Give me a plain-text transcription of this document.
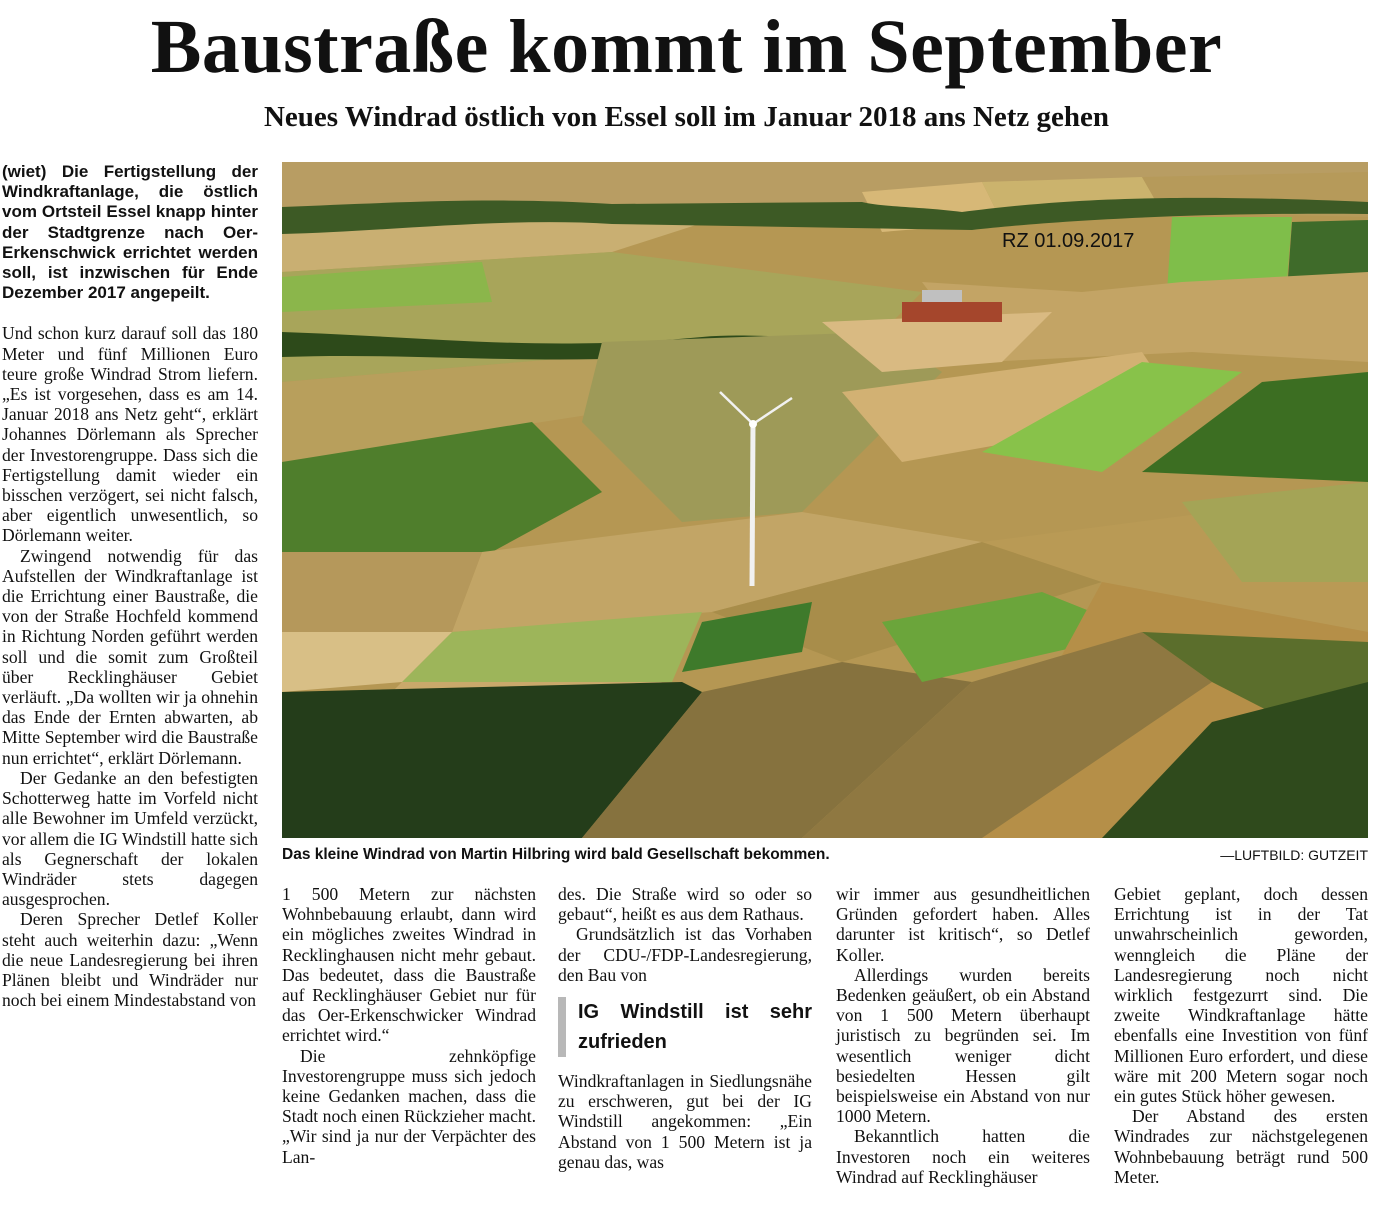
Baustraße kommt im September
Neues Windrad östlich von Essel soll im Januar 2018 ans Netz gehen

(wiet) Die Fertigstellung der Windkraftanlage, die östlich vom Ortsteil Essel knapp hinter der Stadtgrenze nach Oer-Erkenschwick errichtet werden soll, ist inzwischen für Ende Dezember 2017 angepeilt.

Und schon kurz darauf soll das 180 Meter und fünf Millionen Euro teure große Windrad Strom liefern. „Es ist vorgesehen, dass es am 14. Januar 2018 ans Netz geht“, erklärt Johannes Dörlemann als Sprecher der Investorengruppe. Dass sich die Fertigstellung damit wieder ein bisschen verzögert, sei nicht falsch, aber eigentlich unwesentlich, so Dörlemann weiter.

Zwingend notwendig für das Aufstellen der Windkraftanlage ist die Errichtung einer Baustraße, die von der Straße Hochfeld kommend in Richtung Norden geführt werden soll und die somit zum Großteil über Recklinghäuser Gebiet verläuft. „Da wollten wir ja ohnehin das Ende der Ernten abwarten, ab Mitte September wird die Baustraße nun errichtet“, erklärt Dörlemann.

Der Gedanke an den befestigten Schotterweg hatte im Vorfeld nicht alle Bewohner im Umfeld verzückt, vor allem die IG Windstill hatte sich als Gegnerschaft der lokalen Windräder stets dagegen ausgesprochen.

Deren Sprecher Detlef Koller steht auch weiterhin dazu: „Wenn die neue Landesregierung bei ihren Plänen bleibt und Windräder nur noch bei einem Mindestabstand von

RZ 01.09.2017
Das kleine Windrad von Martin Hilbring wird bald Gesellschaft bekommen.	—LUFTBILD: GUTZEIT

1 500 Metern zur nächsten Wohnbebauung erlaubt, dann wird ein mögliches zweites Windrad in Recklinghausen nicht mehr gebaut. Das bedeutet, dass die Baustraße auf Recklinghäuser Gebiet nur für das Oer-Erkenschwicker Windrad errichtet wird.“

Die zehnköpfige Investorengruppe muss sich jedoch keine Gedanken machen, dass die Stadt noch einen Rückzieher macht. „Wir sind ja nur der Verpächter des Lan-

des. Die Straße wird so oder so gebaut“, heißt es aus dem Rathaus.

Grundsätzlich ist das Vorhaben der CDU-/FDP-Landesregierung, den Bau von

IG Windstill ist sehr zufrieden

Windkraftanlagen in Siedlungsnähe zu erschweren, gut bei der IG Windstill angekommen: „Ein Abstand von 1 500 Metern ist ja genau das, was

wir immer aus gesundheitlichen Gründen gefordert haben. Alles darunter ist kritisch“, so Detlef Koller.

Allerdings wurden bereits Bedenken geäußert, ob ein Abstand von 1 500 Metern überhaupt juristisch zu begründen sei. Im wesentlich weniger dicht besiedelten Hessen gilt beispielsweise ein Abstand von nur 1000 Metern.

Bekanntlich hatten die Investoren noch ein weiteres Windrad auf Recklinghäuser

Gebiet geplant, doch dessen Errichtung ist in der Tat unwahrscheinlich geworden, wenngleich die Pläne der Landesregierung noch nicht wirklich festgezurrt sind. Die zweite Windkraftanlage hätte ebenfalls eine Investition von fünf Millionen Euro erfordert, und diese wäre mit 200 Metern sogar noch ein gutes Stück höher gewesen.

Der Abstand des ersten Windrades zur nächstgelegenen Wohnbebauung beträgt rund 500 Meter.
